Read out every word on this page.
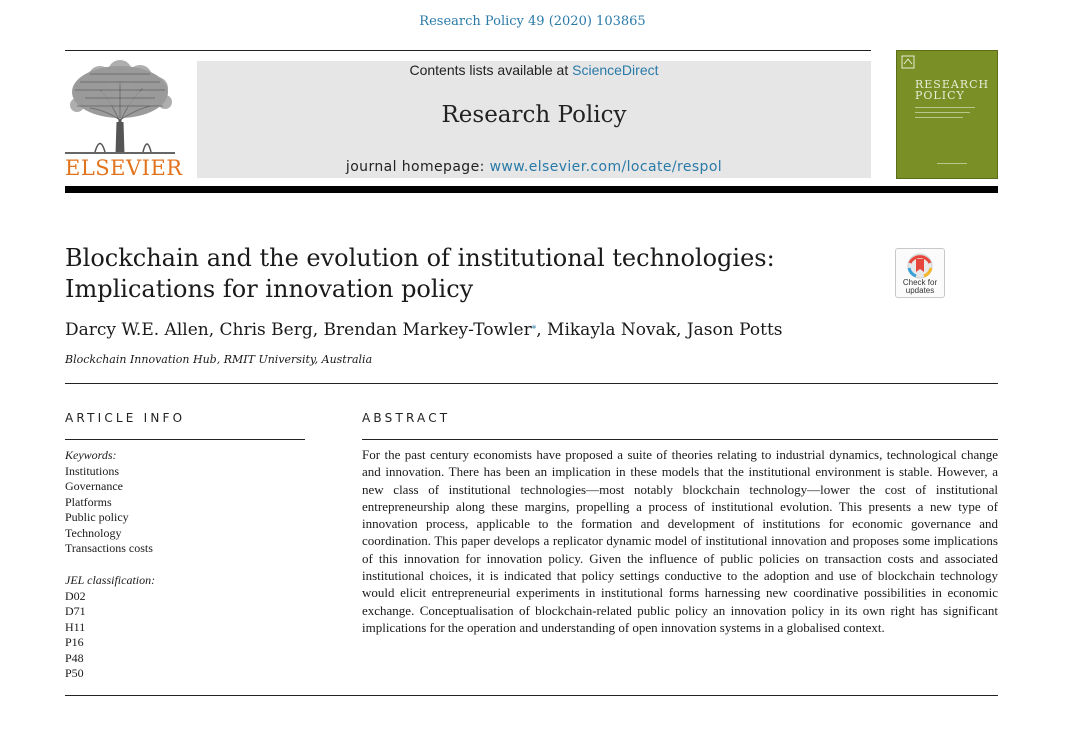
Research Policy 49 (2020) 103865
ELSEVIER
Contents lists available at ScienceDirect
Research Policy
journal homepage: www.elsevier.com/locate/respol
RESEARCH POLICY
Blockchain and the evolution of institutional technologies: Implications for innovation policy	Check for
updates
Darcy W.E. Allen, Chris Berg, Brendan Markey-Towler⁎, Mikayla Novak, Jason Potts
Blockchain Innovation Hub, RMIT University, Australia
ARTICLE INFO	ABSTRACT
Keywords:
Institutions
Governance
Platforms
Public policy
Technology
Transactions costs
JEL classification:
D02
D71
H11
P16
P48
P50
For the past century economists have proposed a suite of theories relating to industrial dynamics, technological change and innovation. There has been an implication in these models that the institutional environment is stable. However, a new class of institutional technologies—most notably blockchain technology—lower the cost of institutional entrepreneurship along these margins, propelling a process of institutional evolution. This presents a new type of innovation process, applicable to the formation and development of institutions for economic governance and coordination. This paper develops a replicator dynamic model of institutional innovation and proposes some implications of this innovation for innovation policy. Given the influence of public policies on transaction costs and associated institutional choices, it is indicated that policy settings conductive to the adoption and use of blockchain technology would elicit entrepreneurial experiments in institutional forms harnessing new coordinative possibilities in economic exchange. Conceptualisation of blockchain-related public policy an innovation policy in its own right has significant implications for the operation and understanding of open innovation systems in a globalised context.
